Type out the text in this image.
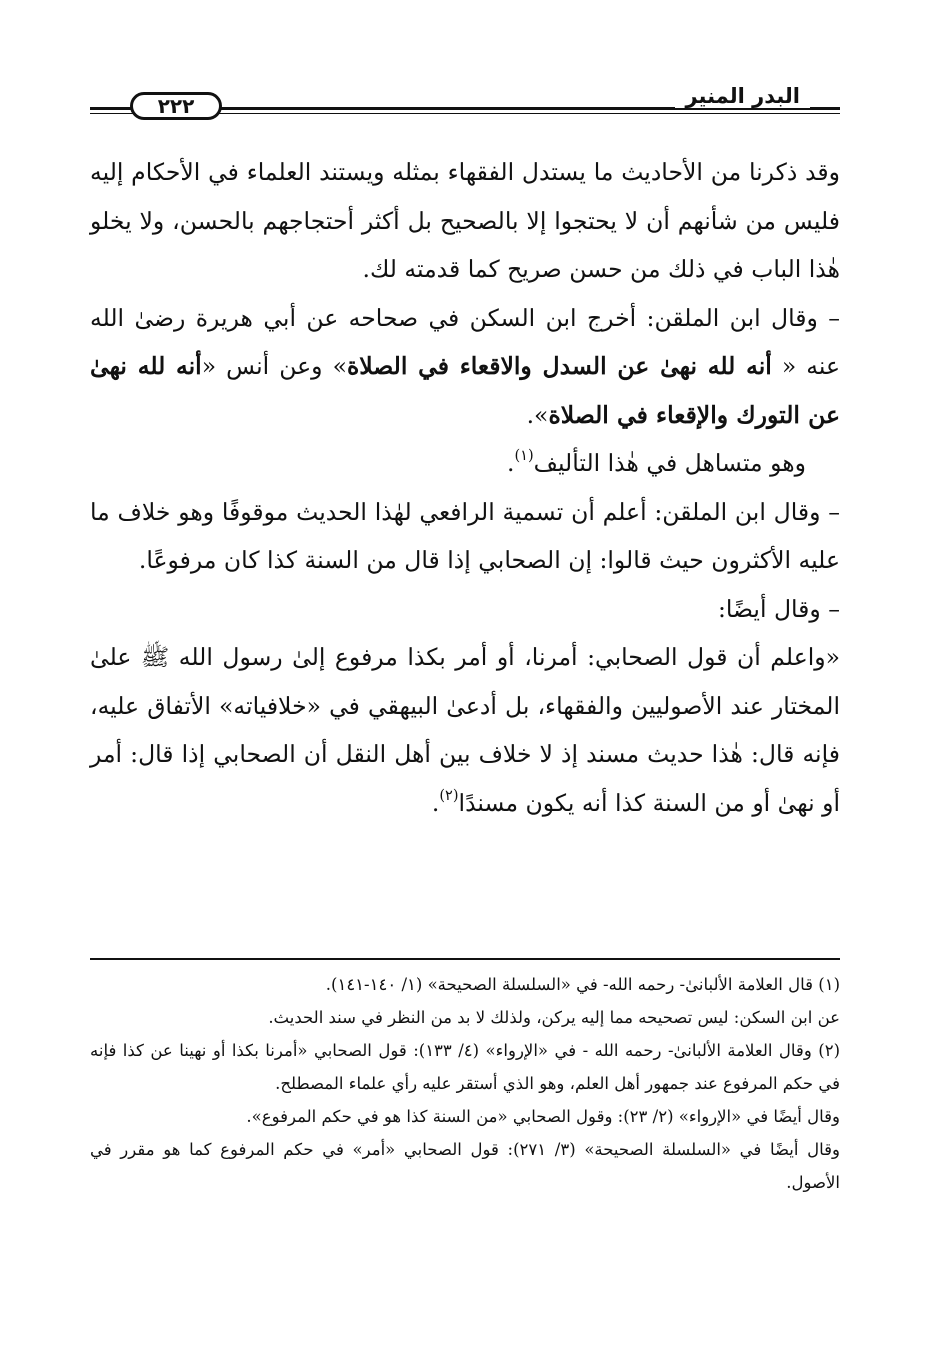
البدر المنير
٢٢٢

وقد ذكرنا من الأحاديث ما يستدل الفقهاء بمثله ويستند العلماء في الأحكام إليه فليس من شأنهم أن لا يحتجوا إلا بالصحيح بل أكثر أحتجاجهم بالحسن، ولا يخلو هٰذا الباب في ذلك من حسن صريح كما قدمته لك.

– وقال ابن الملقن: أخرج ابن السكن في صحاحه عن أبي هريرة رضىٰ الله عنه « أنه لله نهىٰ عن السدل والاقعاء في الصلاة» وعن أنس «أنه لله نهىٰ عن التورك والإقعاء في الصلاة».

وهو متساهل في هٰذا التأليف$^{(١)}$.

– وقال ابن الملقن: أعلم أن تسمية الرافعي لهٰذا الحديث موقوفًا وهو خلاف ما عليه الأكثرون حيث قالوا: إن الصحابي إذا قال من السنة كذا كان مرفوعًا.

– وقال أيضًا:

«واعلم أن قول الصحابي: أمرنا، أو أمر بكذا مرفوع إلىٰ رسول الله ﷺ علىٰ المختار عند الأصوليين والفقهاء، بل أدعىٰ البيهقي في «خلافياته» الأتفاق عليه، فإنه قال: هٰذا حديث مسند إذ لا خلاف بين أهل النقل أن الصحابي إذا قال: أمر أو نهىٰ أو من السنة كذا أنه يكون مسندًا$^{(٢)}$.

(١) قال العلامة الألبانىٰ- رحمه الله- في «السلسلة الصحيحة» (١/ ١٤٠-١٤١).

عن ابن السكن: ليس تصحيحه مما إليه يركن، ولذلك لا بد من النظر في سند الحديث.

(٢) وقال العلامة الألبانىٰ- رحمه الله - في «الإرواء» (٤/ ١٣٣): قول الصحابي «أمرنا بكذا أو نهينا عن كذا فإنه في حكم المرفوع عند جمهور أهل العلم، وهو الذي أستقر عليه رأي علماء المصطلح.

وقال أيضًا في «الإرواء» (٢/ ٢٣): وقول الصحابي «من السنة كذا هو في حكم المرفوع».

وقال أيضًا في «السلسلة الصحيحة» (٣/ ٢٧١): قول الصحابي «أمر» في حكم المرفوع كما هو مقرر في الأصول.
